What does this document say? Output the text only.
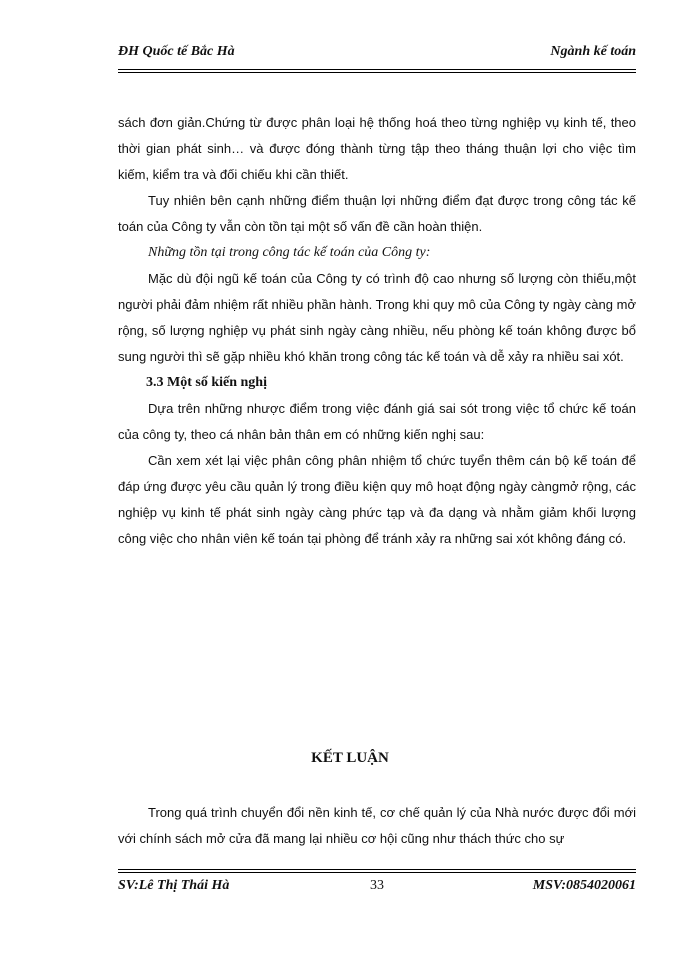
ĐH Quốc tế Bắc Hà	Ngành kế toán

sách đơn giản.Chứng từ được phân loại hệ thống hoá theo từng nghiệp vụ kinh tế, theo thời gian phát sinh… và được đóng thành từng tập theo tháng thuận lợi cho việc tìm kiếm, kiểm tra và đối chiếu khi cần thiết.

Tuy nhiên bên cạnh những điểm thuận lợi những điểm đạt được trong công tác kế toán của Công ty vẫn còn tồn tại một số vấn đề cần hoàn thiện.

Những tồn tại trong công tác kế toán của Công ty:

Mặc dù đội ngũ kế toán của Công ty có trình độ cao nhưng số lượng còn thiếu,một người phải đảm nhiệm rất nhiều phần hành. Trong khi quy mô của Công ty ngày càng mở rộng, số lượng nghiệp vụ phát sinh ngày càng nhiều, nếu phòng kế toán không được bổ sung người thì sẽ gặp nhiều khó khăn trong công tác kế toán và dễ xảy ra nhiều sai xót.

3.3 Một số kiến nghị

Dựa trên những nhược điểm trong việc đánh giá sai sót trong việc tổ chức kế toán của công ty, theo cá nhân bản thân em có những kiến nghị sau:

Cần xem xét lại việc phân công phân nhiệm tổ chức tuyển thêm cán bộ kế toán để đáp ứng được yêu cầu quản lý trong điều kiện quy mô hoạt động ngày càngmở rộng, các nghiệp vụ kinh tế phát sinh ngày càng phức tạp và đa dạng và nhằm giảm khối lượng công việc cho nhân viên kế toán tại phòng để tránh xảy ra những sai xót không đáng có.

KẾT LUẬN

Trong quá trình chuyển đổi nền kinh tế, cơ chế quản lý của Nhà nước được đổi mới với chính sách mở cửa đã mang lại nhiều cơ hội cũng như thách thức cho sự

SV:Lê Thị Thái Hà	33	MSV:0854020061
